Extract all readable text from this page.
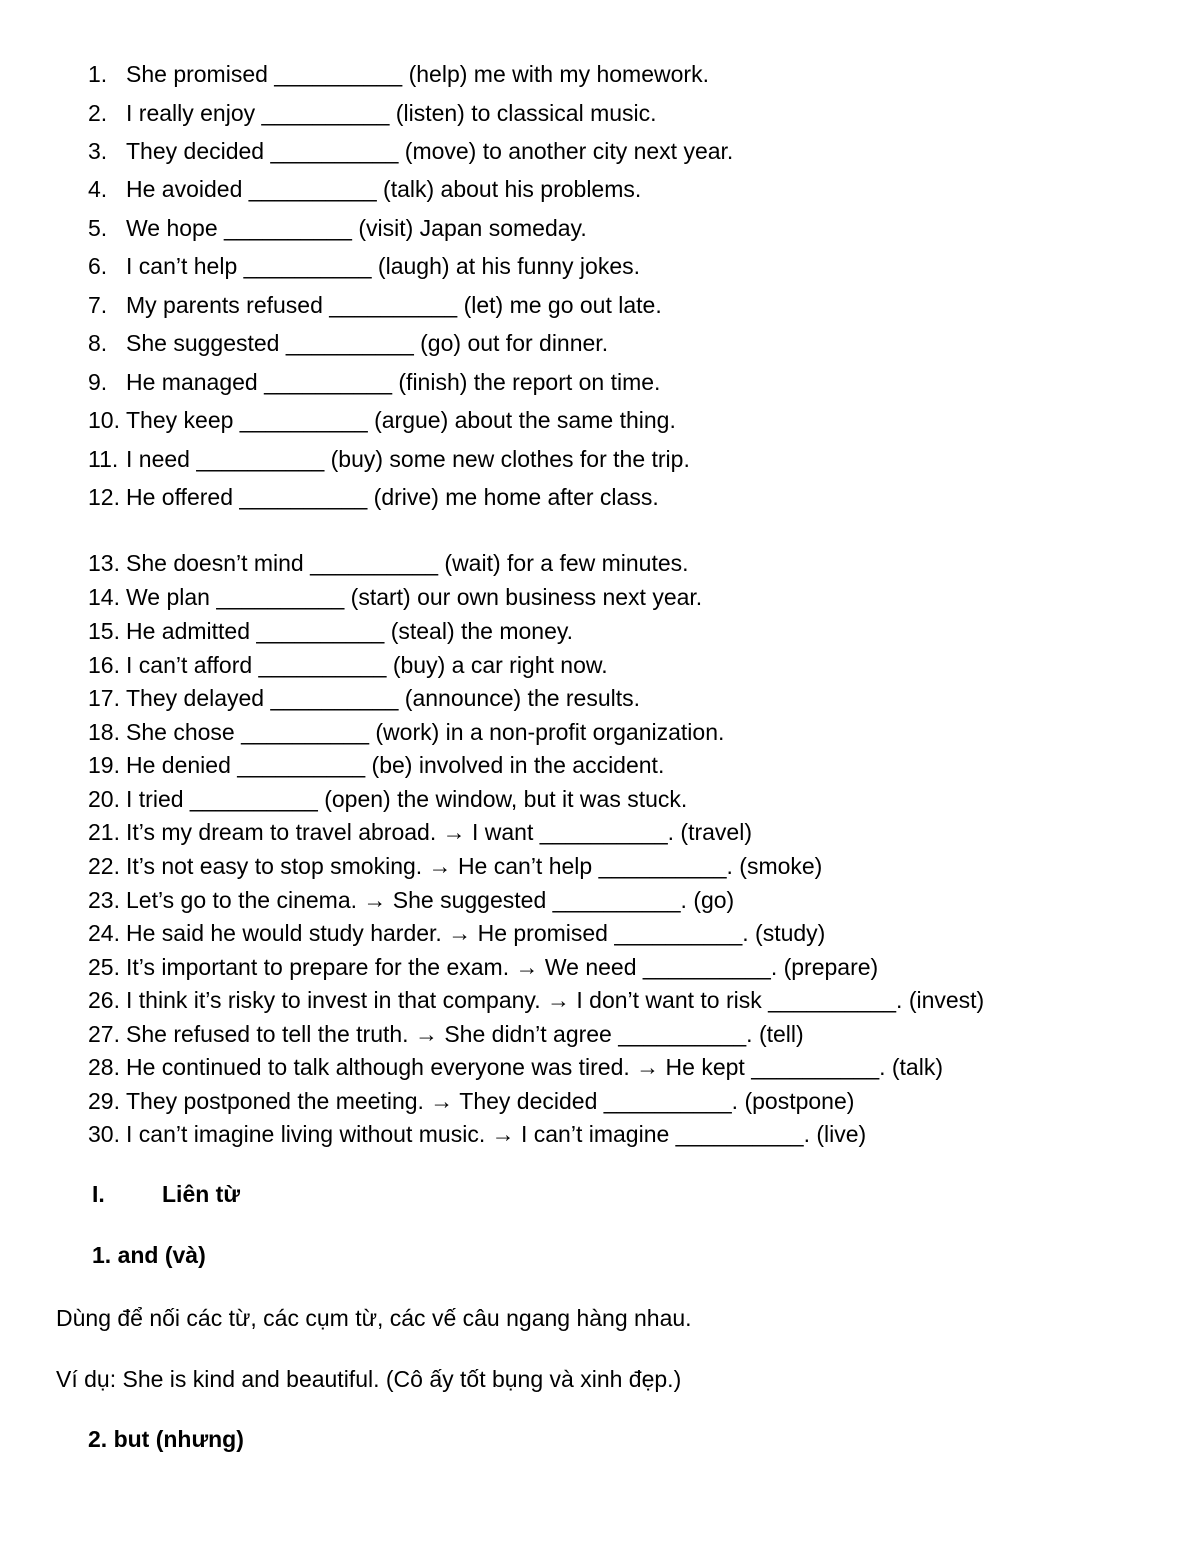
1. She promised __________ (help) me with my homework.
2. I really enjoy __________ (listen) to classical music.
3. They decided __________ (move) to another city next year.
4. He avoided __________ (talk) about his problems.
5. We hope __________ (visit) Japan someday.
6. I can’t help __________ (laugh) at his funny jokes.
7. My parents refused __________ (let) me go out late.
8. She suggested __________ (go) out for dinner.
9. He managed __________ (finish) the report on time.
10. They keep __________ (argue) about the same thing.
11. I need __________ (buy) some new clothes for the trip.
12. He offered __________ (drive) me home after class.
13. She doesn’t mind __________ (wait) for a few minutes.
14. We plan __________ (start) our own business next year.
15. He admitted __________ (steal) the money.
16. I can’t afford __________ (buy) a car right now.
17. They delayed __________ (announce) the results.
18. She chose __________ (work) in a non-profit organization.
19. He denied __________ (be) involved in the accident.
20. I tried __________ (open) the window, but it was stuck.
21. It’s my dream to travel abroad. → I want __________. (travel)
22. It’s not easy to stop smoking. → He can’t help __________. (smoke)
23. Let’s go to the cinema. → She suggested __________. (go)
24. He said he would study harder. → He promised __________. (study)
25. It’s important to prepare for the exam. → We need __________. (prepare)
26. I think it’s risky to invest in that company. → I don’t want to risk __________. (invest)
27. She refused to tell the truth. → She didn’t agree __________. (tell)
28. He continued to talk although everyone was tired. → He kept __________. (talk)
29. They postponed the meeting. → They decided __________. (postpone)
30. I can’t imagine living without music. → I can’t imagine __________. (live)
I. Liên từ
1. and (và)
Dùng để nối các từ, các cụm từ, các vế câu ngang hàng nhau.
Ví dụ: She is kind and beautiful. (Cô ấy tốt bụng và xinh đẹp.)
2. but (nhưng)
